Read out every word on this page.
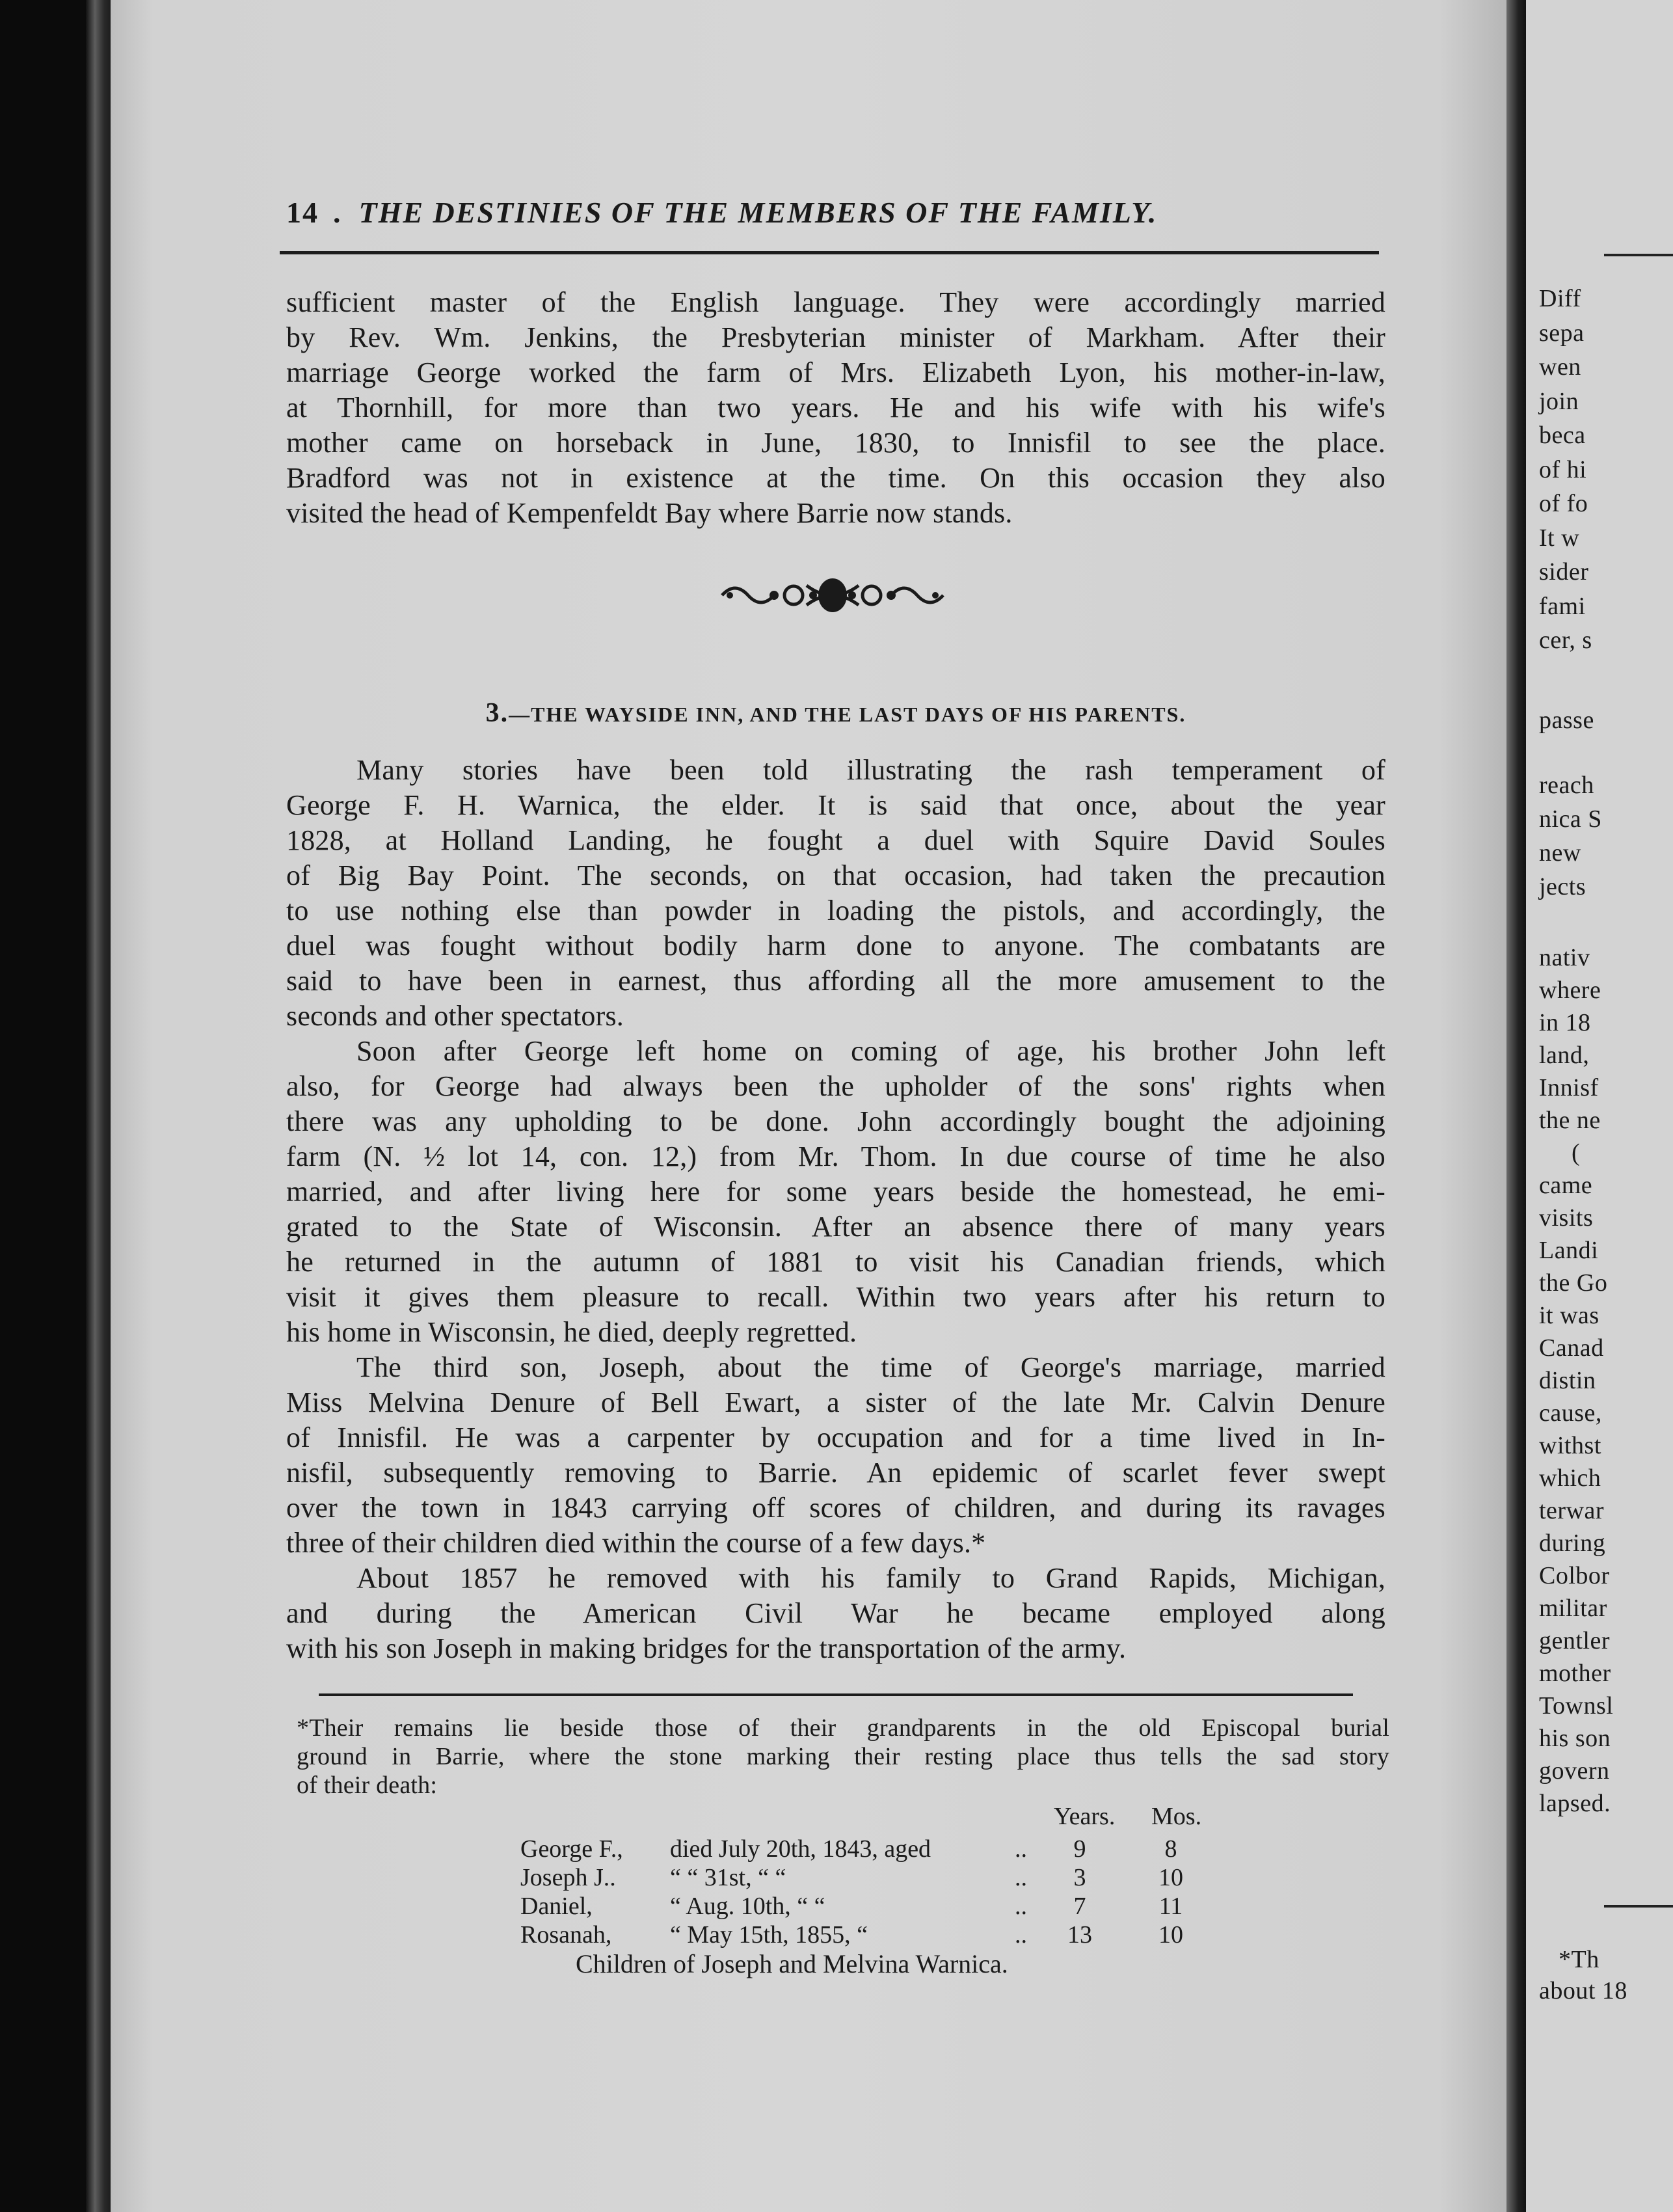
14 . THE DESTINIES OF THE MEMBERS OF THE FAMILY.
sufficient master of the English language. They were accordingly married
by Rev. Wm. Jenkins, the Presbyterian minister of Markham. After their
marriage George worked the farm of Mrs. Elizabeth Lyon, his mother-in-law,
at Thornhill, for more than two years. He and his wife with his wife's
mother came on horseback in June, 1830, to Innisfil to see the place.
Bradford was not in existence at the time. On this occasion they also
visited the head of Kempenfeldt Bay where Barrie now stands.
3.—THE WAYSIDE INN, AND THE LAST DAYS OF HIS PARENTS.
Many stories have been told illustrating the rash temperament of
George F. H. Warnica, the elder. It is said that once, about the year
1828, at Holland Landing, he fought a duel with Squire David Soules
of Big Bay Point. The seconds, on that occasion, had taken the precaution
to use nothing else than powder in loading the pistols, and accordingly, the
duel was fought without bodily harm done to anyone. The combatants are
said to have been in earnest, thus affording all the more amusement to the
seconds and other spectators.
Soon after George left home on coming of age, his brother John left
also, for George had always been the upholder of the sons' rights when
there was any upholding to be done. John accordingly bought the adjoining
farm (N. ½ lot 14, con. 12,) from Mr. Thom. In due course of time he also
married, and after living here for some years beside the homestead, he emi-
grated to the State of Wisconsin. After an absence there of many years
he returned in the autumn of 1881 to visit his Canadian friends, which
visit it gives them pleasure to recall. Within two years after his return to
his home in Wisconsin, he died, deeply regretted.
The third son, Joseph, about the time of George's marriage, married
Miss Melvina Denure of Bell Ewart, a sister of the late Mr. Calvin Denure
of Innisfil. He was a carpenter by occupation and for a time lived in In-
nisfil, subsequently removing to Barrie. An epidemic of scarlet fever swept
over the town in 1843 carrying off scores of children, and during its ravages
three of their children died within the course of a few days.*
About 1857 he removed with his family to Grand Rapids, Michigan,
and during the American Civil War he became employed along
with his son Joseph in making bridges for the transportation of the army.
*Their remains lie beside those of their grandparents in the old Episcopal burial
ground in Barrie, where the stone marking their resting place thus tells the sad story
of their death:
Years. Mos.
George F., died July 20th, 1843, aged	..	9	8
Joseph J.. “ “ 31st, “ “	..	3	10
Daniel,	“ Aug. 10th, “ “	..	7	11
Rosanah, “ May 15th, 1855, “	.. 13	10
Children of Joseph and Melvina Warnica.
Diff
sepa
wen
join
beca
of hi
of fo
It w
sider
fami
cer, s
passe
reach
nica S
new
jects
nativ
where
in 18
land,
Innisf
the ne
(
came
visits
Landi
the Go
it was
Canad
distin
cause,
withst
which
terwar
during
Colbor
militar
gentler
mother
Townsl
his son
govern
lapsed.
*Th
about 18
